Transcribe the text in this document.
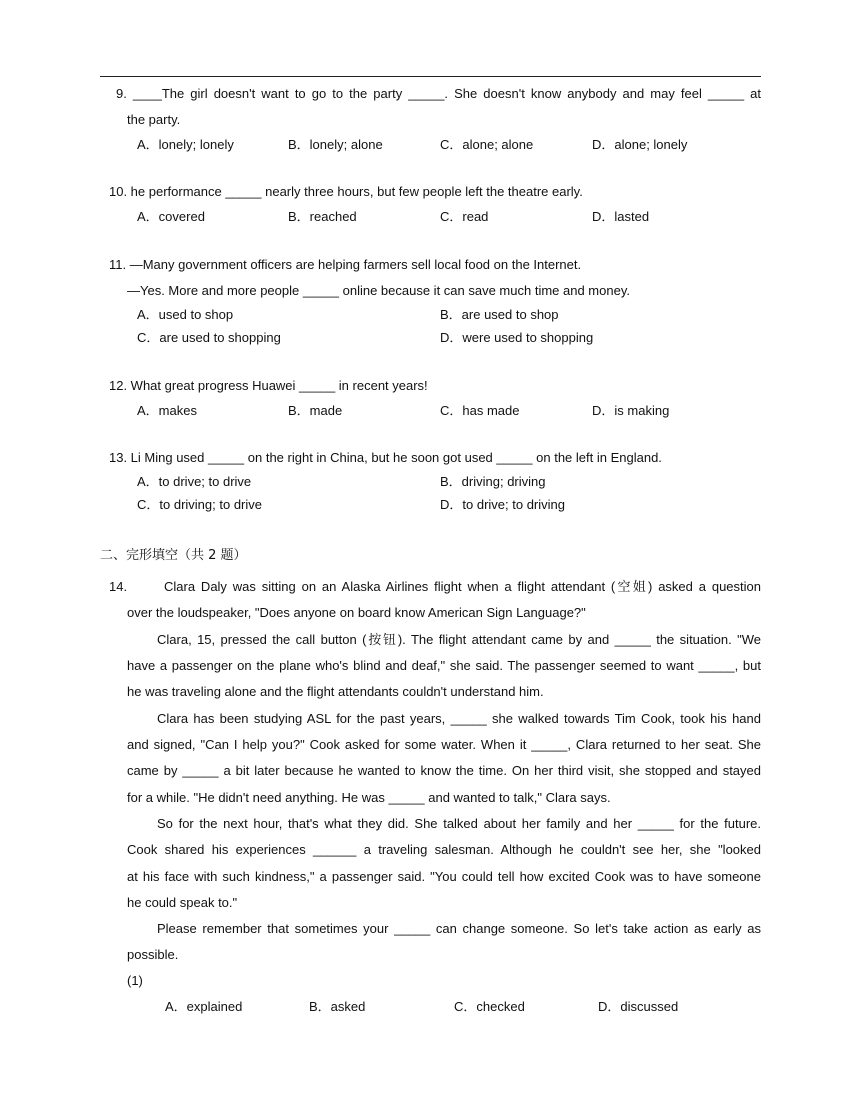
9. ____The girl doesn't want to go to the party _____. She doesn't know anybody and may feel _____ at
the party.
A．lonely; lonely	B．lonely; alone	C．alone; alone	D．alone; lonely
10. he performance _____ nearly three hours, but few people left the theatre early.
A．covered	B．reached	C．read	D．lasted
11. —Many government officers are helping farmers sell local food on the Internet.
—Yes. More and more people _____ online because it can save much time and money.
A．used to shop	B．are used to shop
C．are used to shopping	D．were used to shopping
12. What great progress Huawei _____ in recent years!
A．makes	B．made	C．has made	D．is making
13. Li Ming used _____ on the right in China, but he soon got used _____ on the left in England.
A．to drive; to drive	B．driving; driving
C．to driving; to drive	D．to drive; to driving
二、完形填空（共 2 题）
14.	Clara Daly was sitting on an Alaska Airlines flight when a flight attendant (空姐) asked a question
over the loudspeaker, "Does anyone on board know American Sign Language?"
Clara, 15, pressed the call button (按钮). The flight attendant came by and _____ the situation. "We
have a passenger on the plane who's blind and deaf," she said. The passenger seemed to want _____, but
he was traveling alone and the flight attendants couldn't understand him.
Clara has been studying ASL for the past years, _____ she walked towards Tim Cook, took his hand
and signed, "Can I help you?" Cook asked for some water. When it _____, Clara returned to her seat. She
came by _____ a bit later because he wanted to know the time. On her third visit, she stopped and stayed
for a while. "He didn't need anything. He was _____ and wanted to talk," Clara says.
So for the next hour, that's what they did. She talked about her family and her _____ for the future.
Cook shared his experiences ______ a traveling salesman. Although he couldn't see her, she "looked
at his face with such kindness," a passenger said. "You could tell how excited Cook was to have someone
he could speak to."
Please remember that sometimes your _____ can change someone. So let's take action as early as
possible.
(1)
A．explained	B．asked	C．checked	D．discussed
